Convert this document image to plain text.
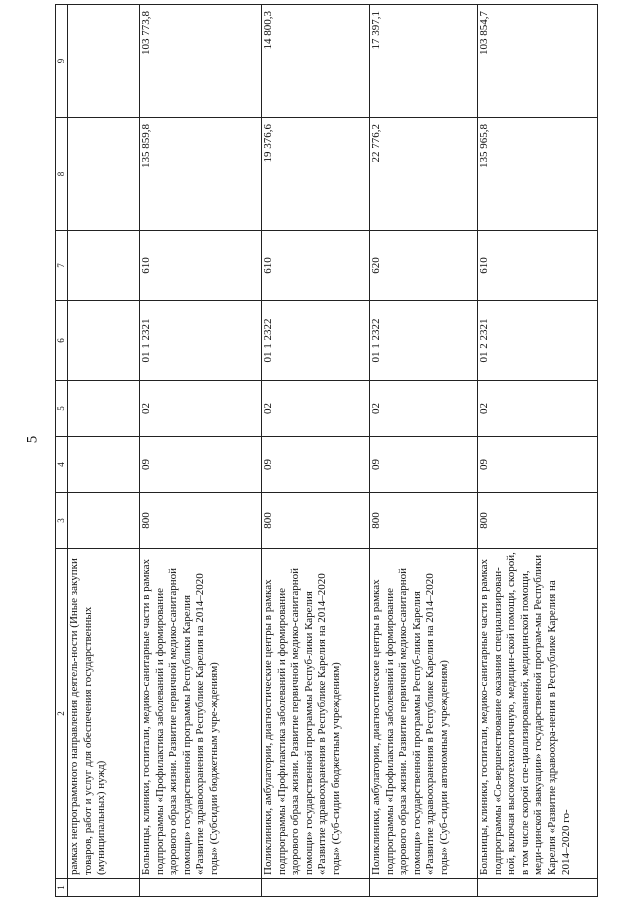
5
1	2	3	4	5	6	7	8	9
	рамках непрограммного направления деятель-ности (Иные закупки товаров, работ и услуг для обеспечения государственных (муниципальных) нужд)							
	Больницы, клиники, госпитали, медико-санитарные части в рамках подпрограммы «Профилактика заболеваний и формирование здорового образа жизни. Развитие первичной медико-санитарной помощи» государственной программы Республики Карелия «Развитие здравоохранения в Республике Карелия на 2014–2020 годы» (Субсидии бюджетным учре-ждениям)	800	09	02	01 1 2321	610	135 859,8	103 773,8
	Поликлиники, амбулатории, диагностические центры в рамках подпрограммы «Профилактика заболеваний и формирование здорового образа жизни. Развитие первичной медико-санитарной помощи» государственной программы Респуб-лики Карелия «Развитие здравоохранения в Республике Карелия на 2014–2020 годы» (Суб-сидии бюджетным учреждениям)	800	09	02	01 1 2322	610	19 376,6	14 800,3
	Поликлиники, амбулатории, диагностические центры в рамках подпрограммы «Профилактика заболеваний и формирование здорового образа жизни. Развитие первичной медико-санитарной помощи» государственной программы Респуб-лики Карелия «Развитие здравоохранения в Республике Карелия на 2014–2020 годы» (Суб-сидии автономным учреждениям)	800	09	02	01 1 2322	620	22 776,2	17 397,1
	Больницы, клиники, госпитали, медико-санитарные части в рамках подпрограммы «Со-вершенствование оказания специализирован-ной, включая высокотехнологичную, медицин-ской помощи, скорой, в том числе скорой спе-циализированной, медицинской помощи, меди-цинской эвакуации» государственной програм-мы Республики Карелия «Развитие здравоохра-нения в Республике Карелия на 2014–2020 го-	800	09	02	01 2 2321	610	135 965,8	103 854,7
